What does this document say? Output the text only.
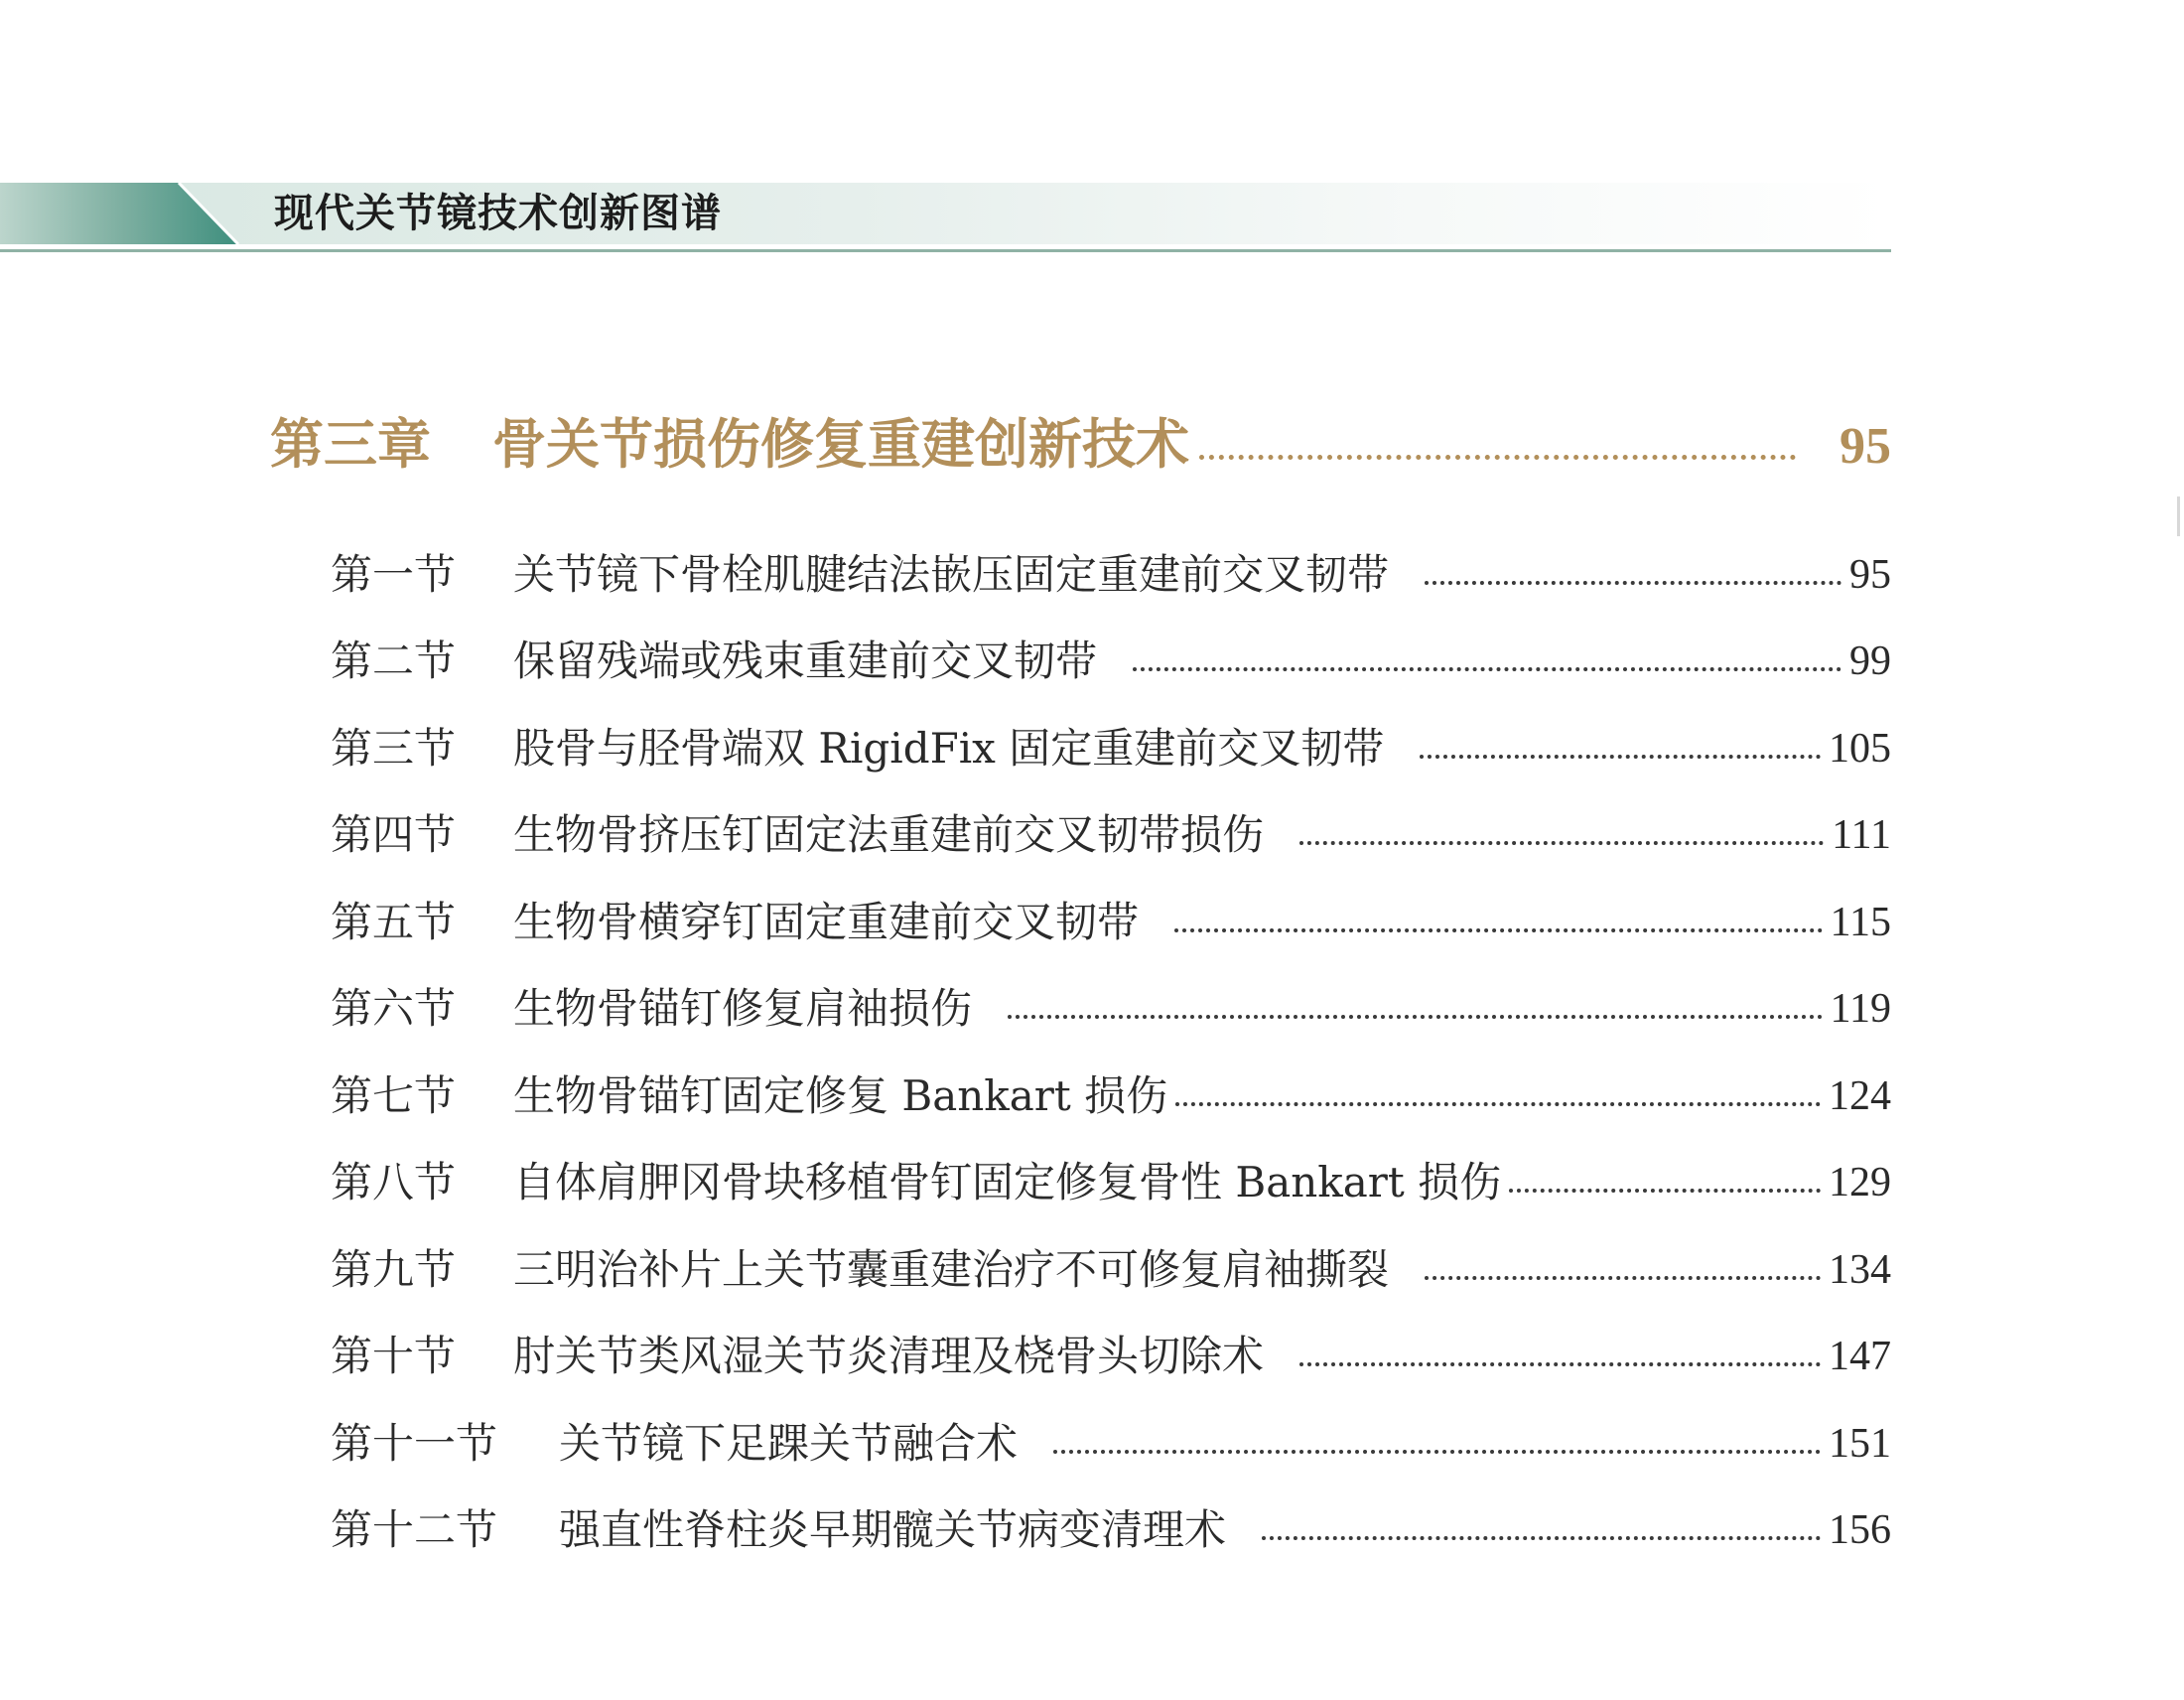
现代关节镜技术创新图谱
第三章 骨关节损伤修复重建创新技术	95
第一节	关节镜下骨栓肌腱结法嵌压固定重建前交叉韧带	95
第二节	保留残端或残束重建前交叉韧带	99
第三节	股骨与胫骨端双 RigidFix 固定重建前交叉韧带	105
第四节	生物骨挤压钉固定法重建前交叉韧带损伤	111
第五节	生物骨横穿钉固定重建前交叉韧带	115
第六节	生物骨锚钉修复肩袖损伤	119
第七节	生物骨锚钉固定修复 Bankart 损伤	124
第八节	自体肩胛冈骨块移植骨钉固定修复骨性 Bankart 损伤	129
第九节	三明治补片上关节囊重建治疗不可修复肩袖撕裂	134
第十节	肘关节类风湿关节炎清理及桡骨头切除术	147
第十一节	关节镜下足踝关节融合术	151
第十二节	强直性脊柱炎早期髋关节病变清理术	156
